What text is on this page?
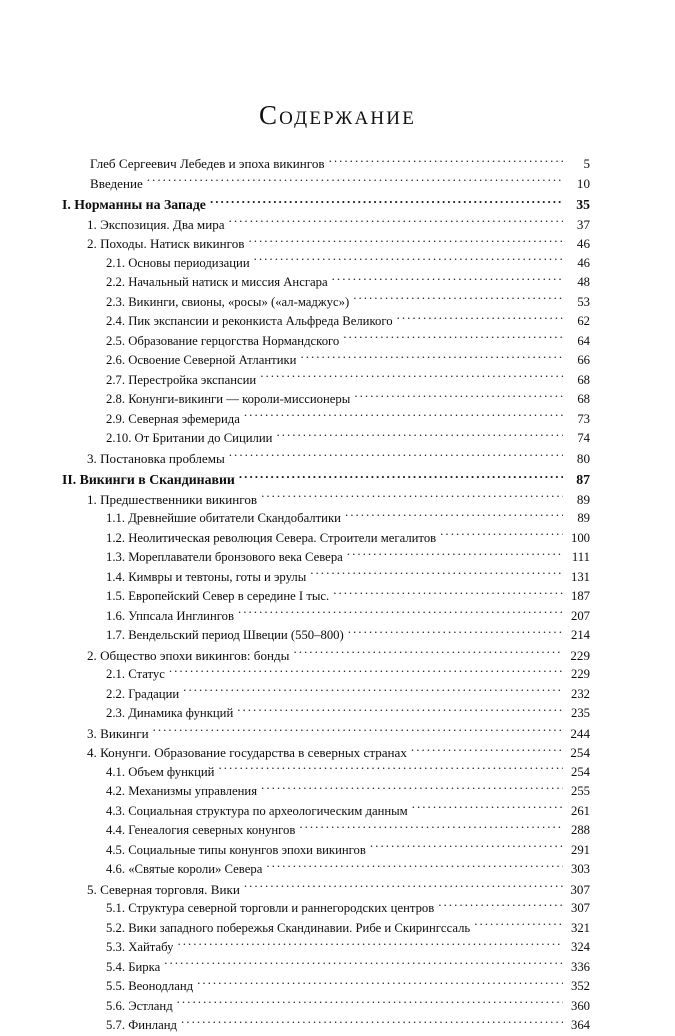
Содержание
Глеб Сергеевич Лебедев и эпоха викингов .....	5
Введение .....	10
I. Норманны на Западе .....	35
1. Экспозиция. Два мира .....	37
2. Походы. Натиск викингов .....	46
2.1. Основы периодизации .....	46
2.2. Начальный натиск и миссия Ансгара .....	48
2.3. Викинги, свионы, «росы» («ал-маджус») .....	53
2.4. Пик экспансии и реконкиста Альфреда Великого .....	62
2.5. Образование герцогства Нормандского .....	64
2.6. Освоение Северной Атлантики .....	66
2.7. Перестройка экспансии .....	68
2.8. Конунги-викинги — короли-миссионеры .....	68
2.9. Северная эфемерида .....	73
2.10. От Британии до Сицилии .....	74
3. Постановка проблемы .....	80
II. Викинги в Скандинавии .....	87
1. Предшественники викингов .....	89
1.1. Древнейшие обитатели Скандобалтики .....	89
1.2. Неолитическая революция Севера. Строители мегалитов .....	100
1.3. Мореплаватели бронзового века Севера .....	111
1.4. Кимвры и тевтоны, готы и эрулы .....	131
1.5. Европейский Север в середине I тыс. .....	187
1.6. Уппсала Инглингов .....	207
1.7. Вендельский период Швеции (550–800) .....	214
2. Общество эпохи викингов: бонды .....	229
2.1. Статус .....	229
2.2. Градации .....	232
2.3. Динамика функций .....	235
3. Викинги .....	244
4. Конунги. Образование государства в северных странах .....	254
4.1. Объем функций .....	254
4.2. Механизмы управления .....	255
4.3. Социальная структура по археологическим данным .....	261
4.4. Генеалогия северных конунгов .....	288
4.5. Социальные типы конунгов эпохи викингов .....	291
4.6. «Святые короли» Севера .....	303
5. Северная торговля. Вики .....	307
5.1. Структура северной торговли и раннегородских центров .....	307
5.2. Вики западного побережья Скандинавии. Рибе и Скирингссаль .....	321
5.3. Хайтабу .....	324
5.4. Бирка .....	336
5.5. Веонодланд .....	352
5.6. Эстланд .....	360
5.7. Финланд .....	364
